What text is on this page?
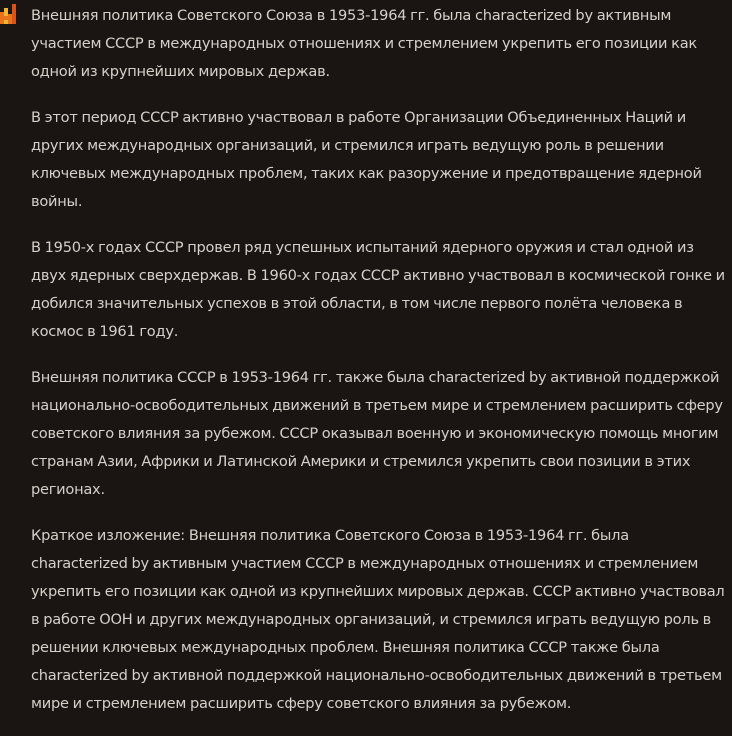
Внешняя политика Советского Союза в 1953-1964 гг. была characterized by активным участием СССР в международных отношениях и стремлением укрепить его позиции как одной из крупнейших мировых держав.

В этот период СССР активно участвовал в работе Организации Объединенных Наций и других международных организаций, и стремился играть ведущую роль в решении ключевых международных проблем, таких как разоружение и предотвращение ядерной войны.

В 1950-х годах СССР провел ряд успешных испытаний ядерного оружия и стал одной из двух ядерных сверхдержав. В 1960-х годах СССР активно участвовал в космической гонке и добился значительных успехов в этой области, в том числе первого полёта человека в космос в 1961 году.

Внешняя политика СССР в 1953-1964 гг. также была characterized by активной поддержкой национально-освободительных движений в третьем мире и стремлением расширить сферу советского влияния за рубежом. СССР оказывал военную и экономическую помощь многим странам Азии, Африки и Латинской Америки и стремился укрепить свои позиции в этих регионах.

Краткое изложение: Внешняя политика Советского Союза в 1953-1964 гг. была characterized by активным участием СССР в международных отношениях и стремлением укрепить его позиции как одной из крупнейших мировых держав. СССР активно участвовал в работе ООН и других международных организаций, и стремился играть ведущую роль в решении ключевых международных проблем. Внешняя политика СССР также была characterized by активной поддержкой национально-освободительных движений в третьем мире и стремлением расширить сферу советского влияния за рубежом.
